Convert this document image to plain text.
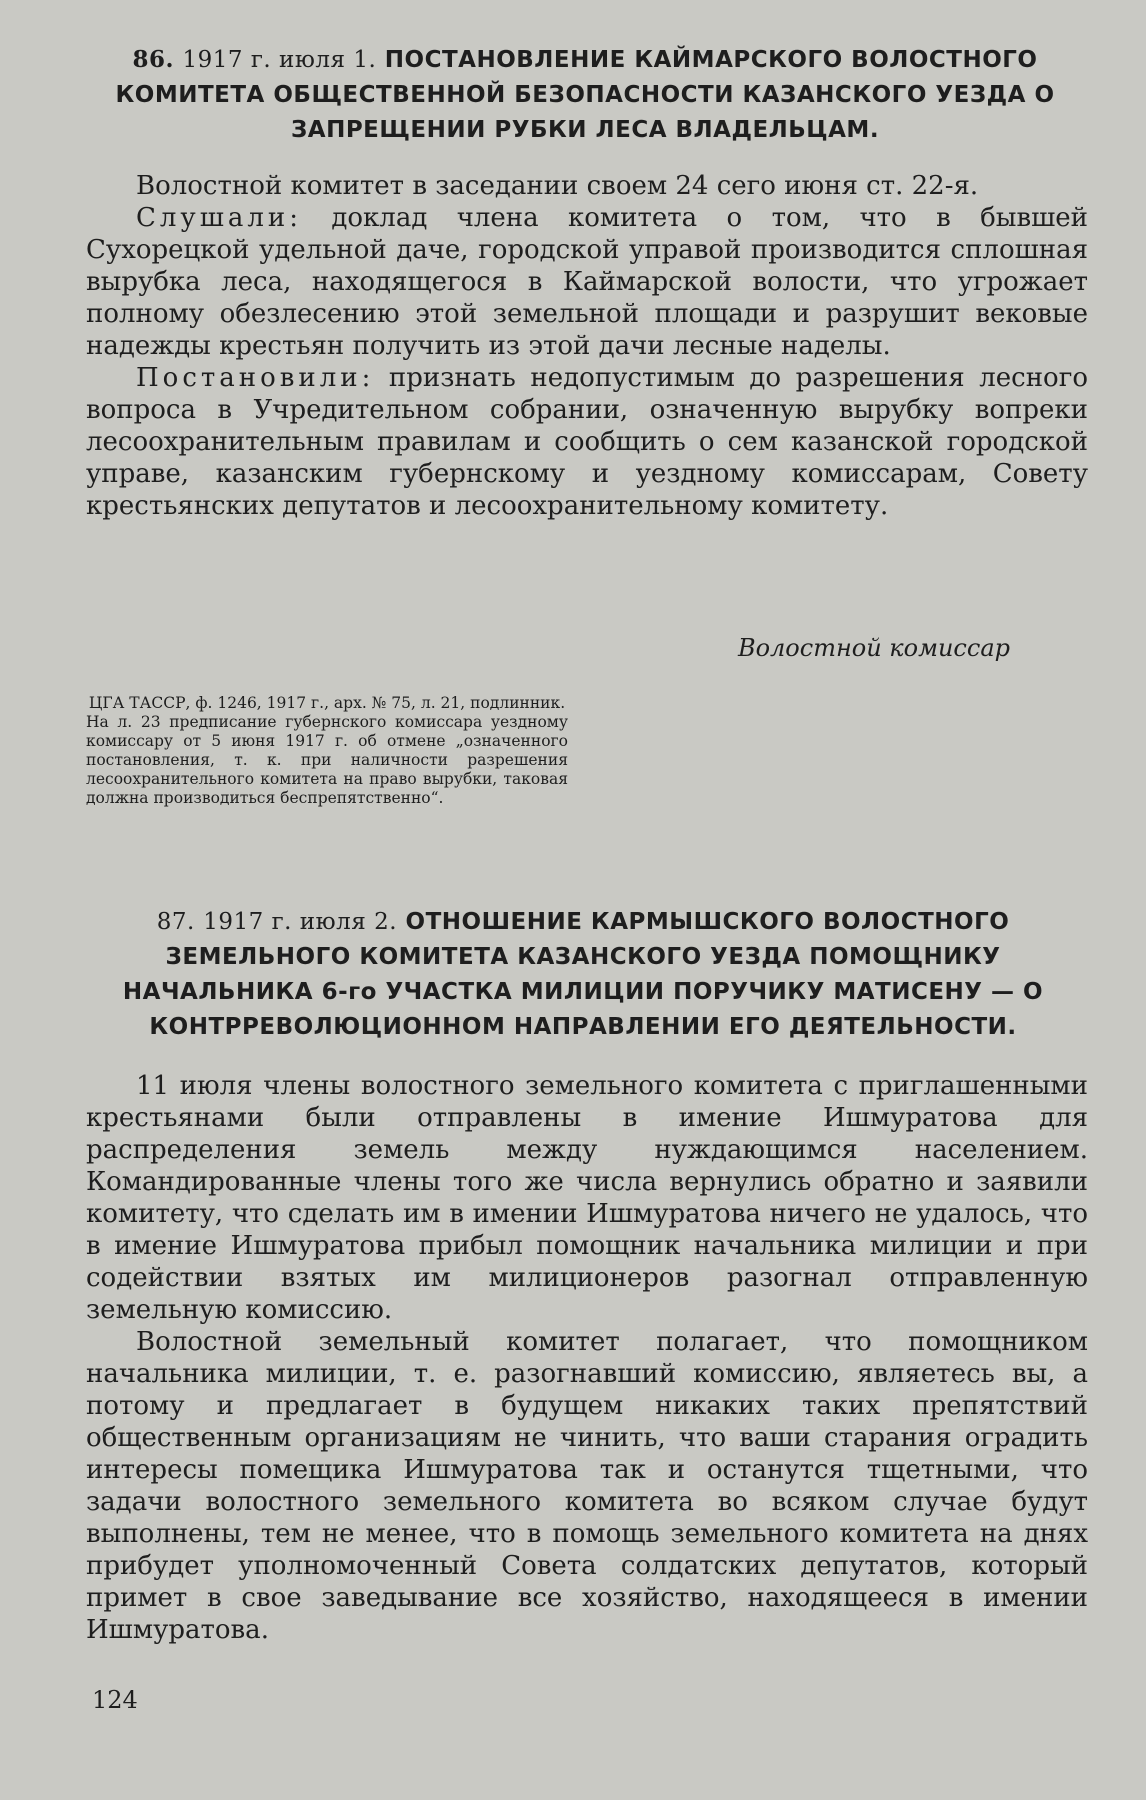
86. 1917 г. июля 1. ПОСТАНОВЛЕНИЕ КАЙМАРСКОГО ВОЛОСТНОГО КОМИТЕТА ОБЩЕСТВЕННОЙ БЕЗОПАСНОСТИ КАЗАНСКОГО УЕЗДА О ЗАПРЕЩЕНИИ РУБКИ ЛЕСА ВЛАДЕЛЬЦАМ.

Волостной комитет в заседании своем 24 сего июня ст. 22-я.

Слушали: доклад члена комитета о том, что в бывшей Сухорецкой удельной даче, городской управой производится сплошная вырубка леса, находящегося в Каймарской волости, что угрожает полному обезлесению этой земельной площади и разрушит вековые надежды крестьян получить из этой дачи лесные наделы.

Постановили: признать недопустимым до разрешения лесного вопроса в Учредительном собрании, означенную вырубку вопреки лесоохранительным правилам и сообщить о сем казанской городской управе, казанским губернскому и уездному комиссарам, Совету крестьянских депутатов и лесоохранительному комитету.

Волостной комиссар
ЦГА ТАССР, ф. 1246, 1917 г., арх. № 75, л. 21, подлинник.
На л. 23 предписание губернского комиссара уездному комиссару от 5 июня 1917 г. об отмене „означенного постановления, т. к. при наличности разрешения лесоохранительного комитета на право вырубки, таковая должна производиться беспрепятственно“.
87. 1917 г. июля 2. ОТНОШЕНИЕ КАРМЫШСКОГО ВОЛОСТНОГО ЗЕМЕЛЬНОГО КОМИТЕТА КАЗАНСКОГО УЕЗДА ПОМОЩНИКУ НАЧАЛЬНИКА 6-го УЧАСТКА МИЛИЦИИ ПОРУЧИКУ МАТИСЕНУ — О КОНТРРЕВОЛЮЦИОННОМ НАПРАВЛЕНИИ ЕГО ДЕЯТЕЛЬНОСТИ.

11 июля члены волостного земельного комитета с приглашенными крестьянами были отправлены в имение Ишмуратова для распределения земель между нуждающимся населением. Командированные члены того же числа вернулись обратно и заявили комитету, что сделать им в имении Ишмуратова ничего не удалось, что в имение Ишмуратова прибыл помощник начальника милиции и при содействии взятых им милиционеров разогнал отправленную земельную комиссию.

Волостной земельный комитет полагает, что помощником начальника милиции, т. е. разогнавший комиссию, являетесь вы, а потому и предлагает в будущем никаких таких препятствий общественным организациям не чинить, что ваши старания оградить интересы помещика Ишмуратова так и останутся тщетными, что задачи волостного земельного комитета во всяком случае будут выполнены, тем не менее, что в помощь земельного комитета на днях прибудет уполномоченный Совета солдатских депутатов, который примет в свое заведывание все хозяйство, находящееся в имении Ишмуратова.

124
